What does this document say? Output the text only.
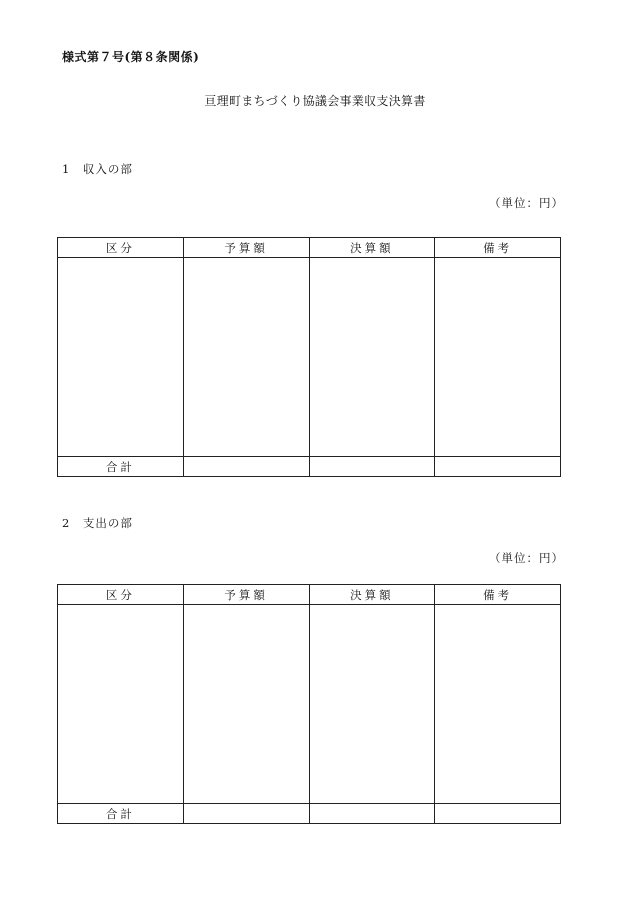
様式第７号(第８条関係)
亘理町まちづくり協議会事業収支決算書
1　収入の部
（単位：円）
区分	予算額	決算額	備考

合計			
2　支出の部
（単位：円）
区分	予算額	決算額	備考

合計			
